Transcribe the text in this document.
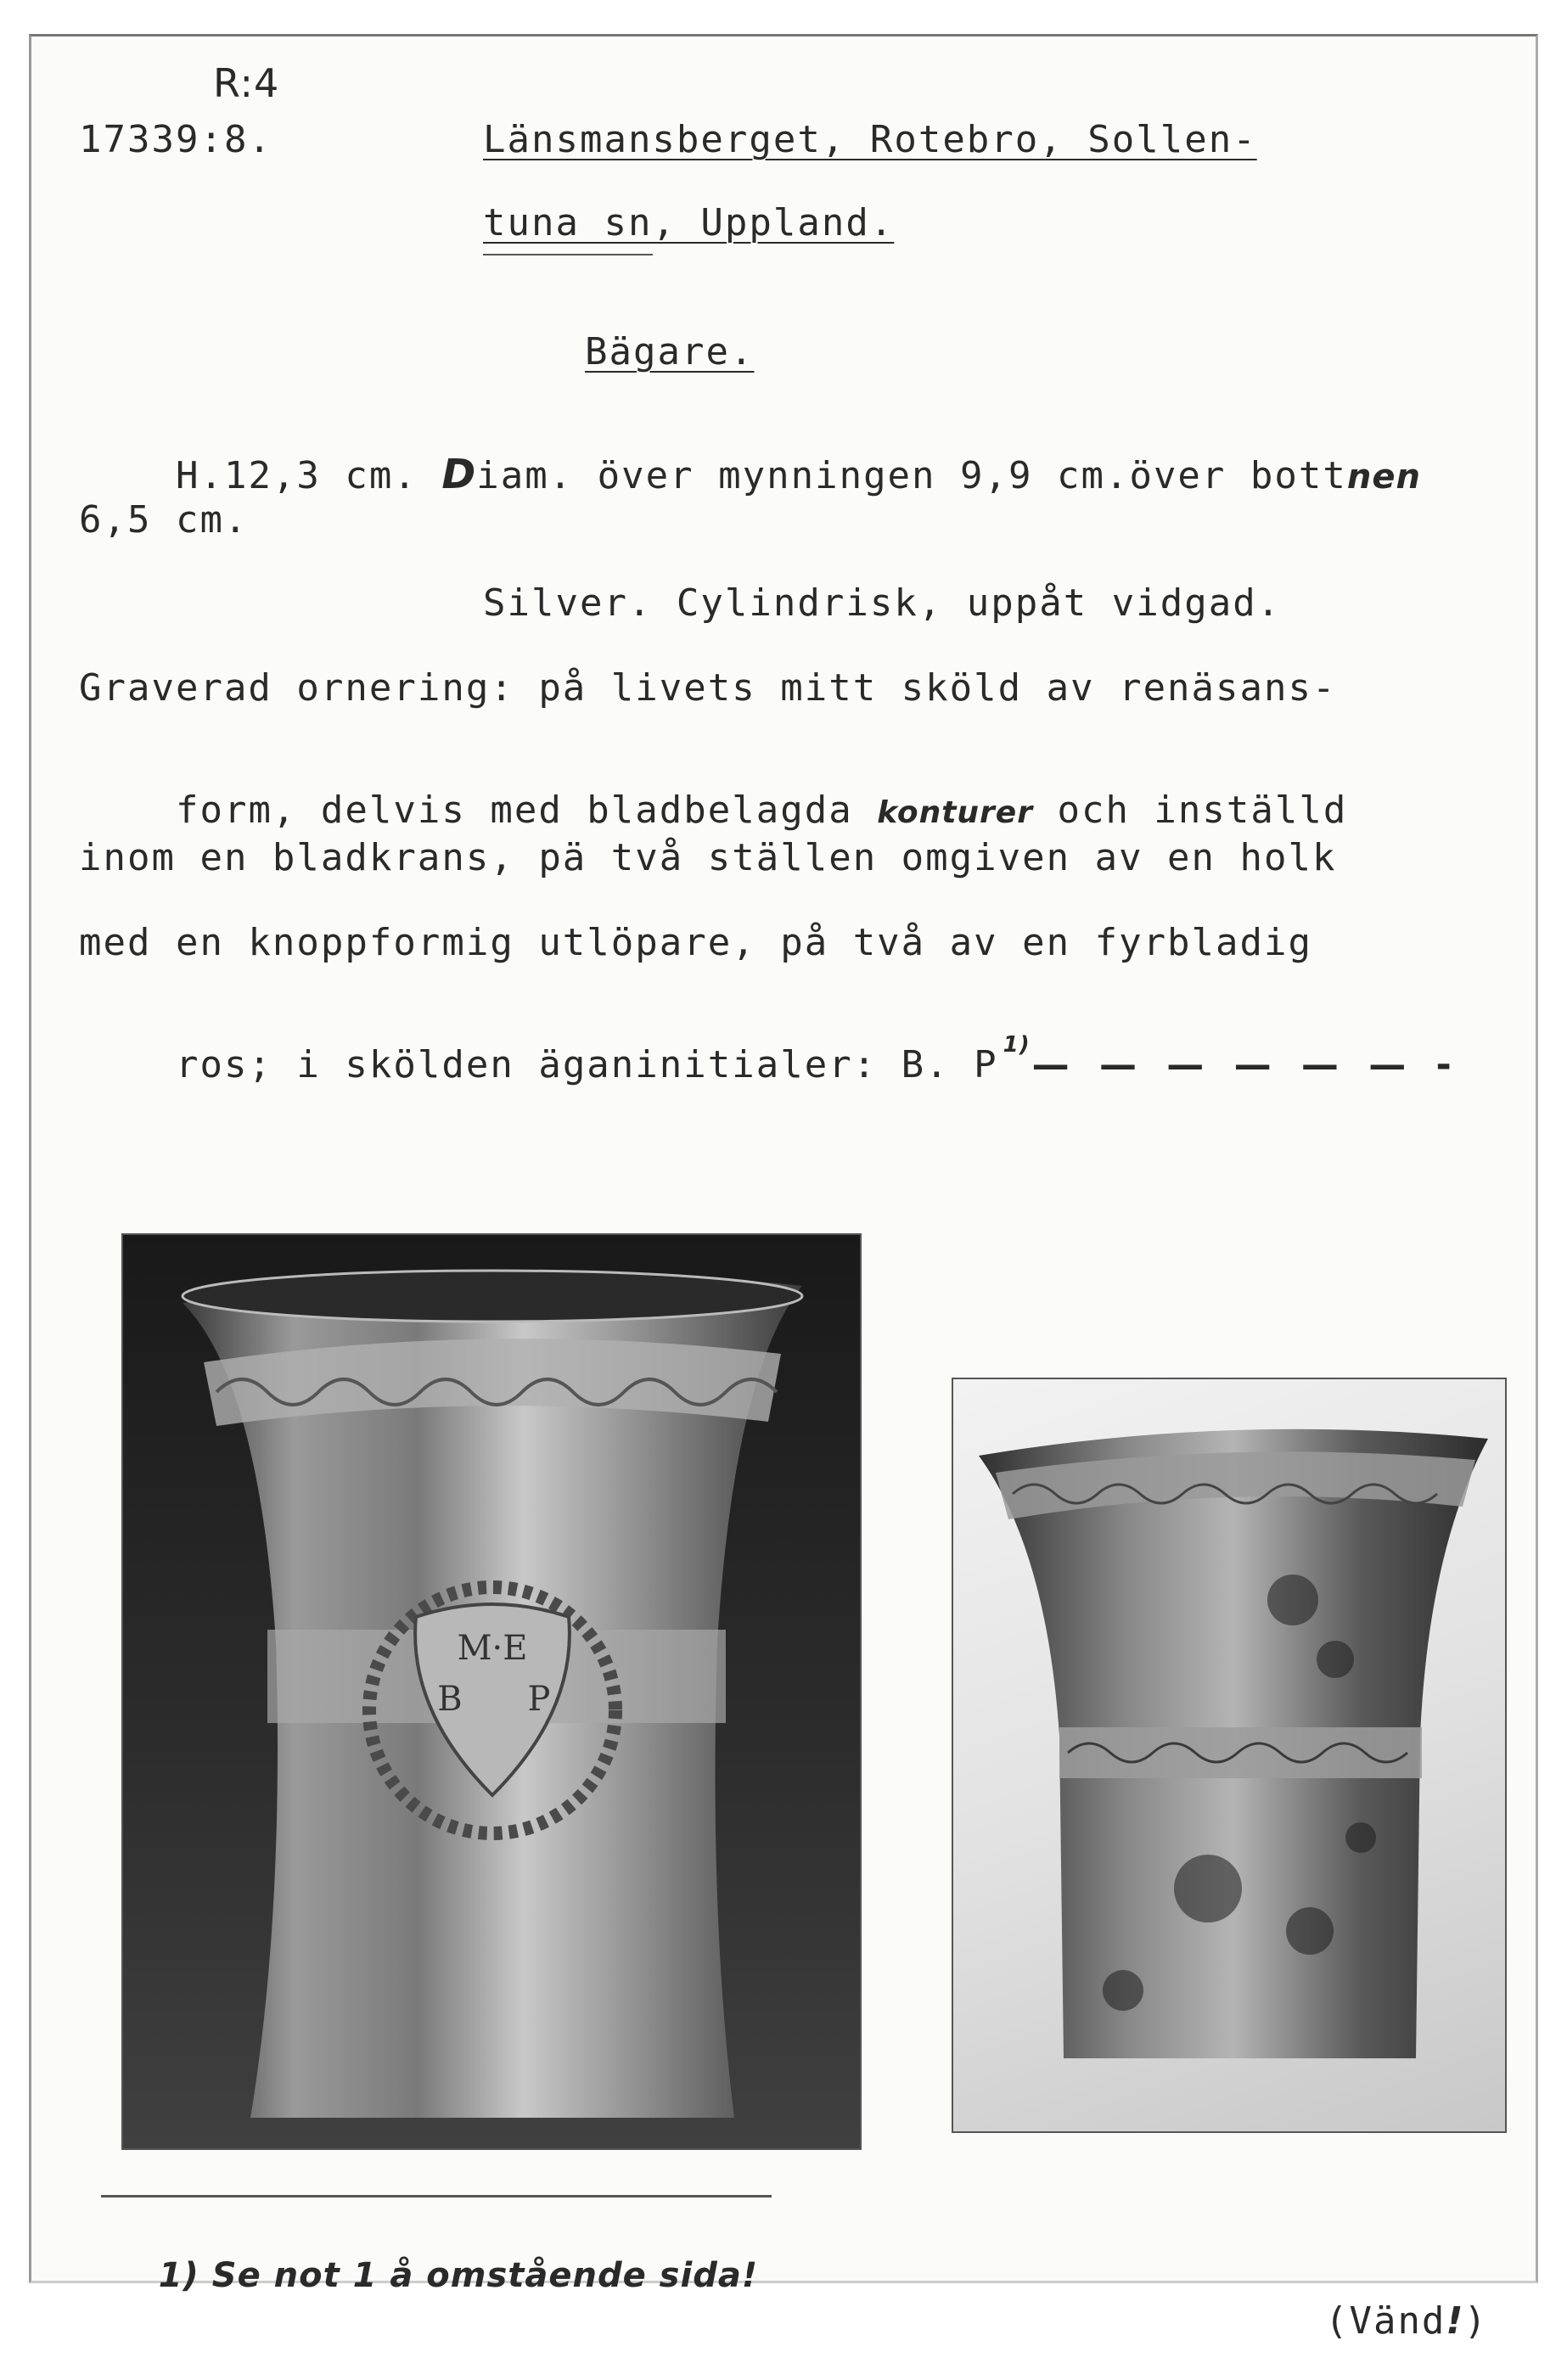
R:4
17339:8.	Länsmansberget, Rotebro, Sollen-
tuna sn, Uppland.
Bägare.

H.12,3 cm. Diam. över mynningen 9,9 cm.över bottnen

6,5 cm.
Silver. Cylindrisk, uppåt vidgad.
Graverad ornering: på livets mitt sköld av renäsans-

form, delvis med bladbelagda konturer och inställd

inom en bladkrans, pä två ställen omgiven av en holk
med en knoppformig utlöpare, på två av en fyrbladig

ros; i skölden äganinitialer: B. P $^{1)}$— — — — — — -

M·E
B P

1) Se not 1 å omstående sida!

(Vänd!)
